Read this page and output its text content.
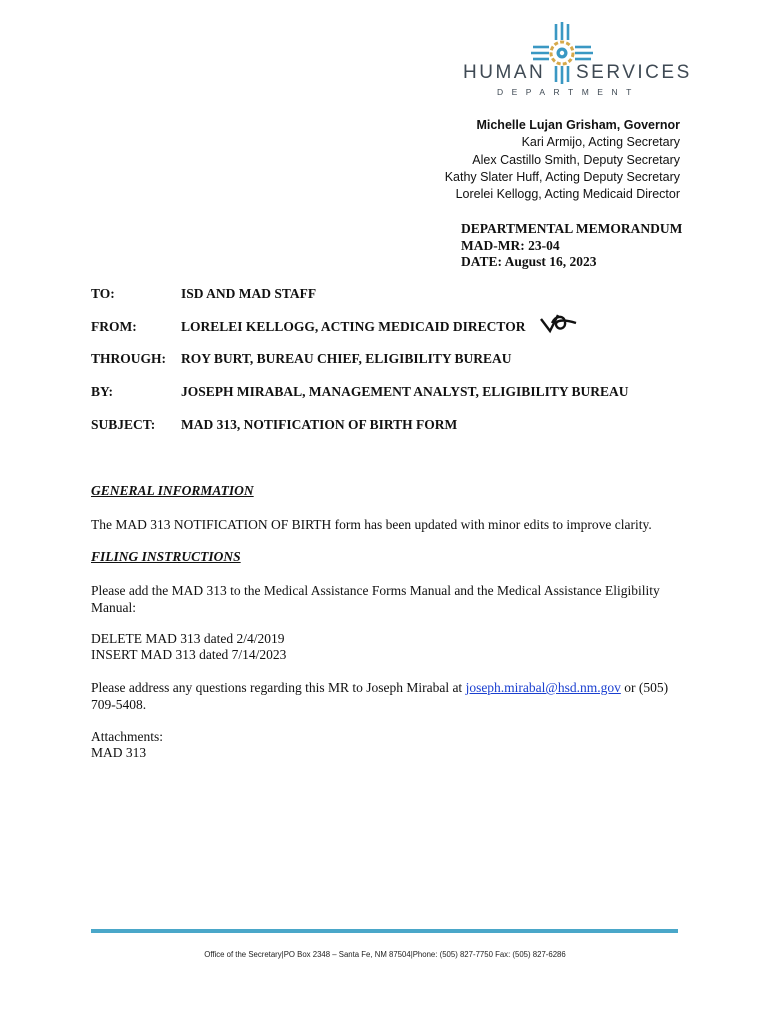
HUMAN SERVICES
DEPARTMENT
Michelle Lujan Grisham, Governor
Kari Armijo, Acting Secretary
Alex Castillo Smith, Deputy Secretary
Kathy Slater Huff, Acting Deputy Secretary
Lorelei Kellogg, Acting Medicaid Director
DEPARTMENTAL MEMORANDUM
MAD-MR: 23-04
DATE: August 16, 2023
TO:	ISD AND MAD STAFF
FROM:	LORELEI KELLOGG, ACTING MEDICAID DIRECTOR
THROUGH: ROY BURT, BUREAU CHIEF, ELIGIBILITY BUREAU
BY:	JOSEPH MIRABAL, MANAGEMENT ANALYST, ELIGIBILITY BUREAU
SUBJECT: MAD 313, NOTIFICATION OF BIRTH FORM
GENERAL INFORMATION
The MAD 313 NOTIFICATION OF BIRTH form has been updated with minor edits to improve clarity.
FILING INSTRUCTIONS
Please add the MAD 313 to the Medical Assistance Forms Manual and the Medical Assistance Eligibility Manual:
DELETE MAD 313 dated 2/4/2019
INSERT MAD 313 dated 7/14/2023
Please address any questions regarding this MR to Joseph Mirabal at joseph.mirabal@hsd.nm.gov or (505) 709-5408.
Attachments:
MAD 313
Office of the Secretary|PO Box 2348 – Santa Fe, NM 87504|Phone: (505) 827-7750 Fax: (505) 827-6286
